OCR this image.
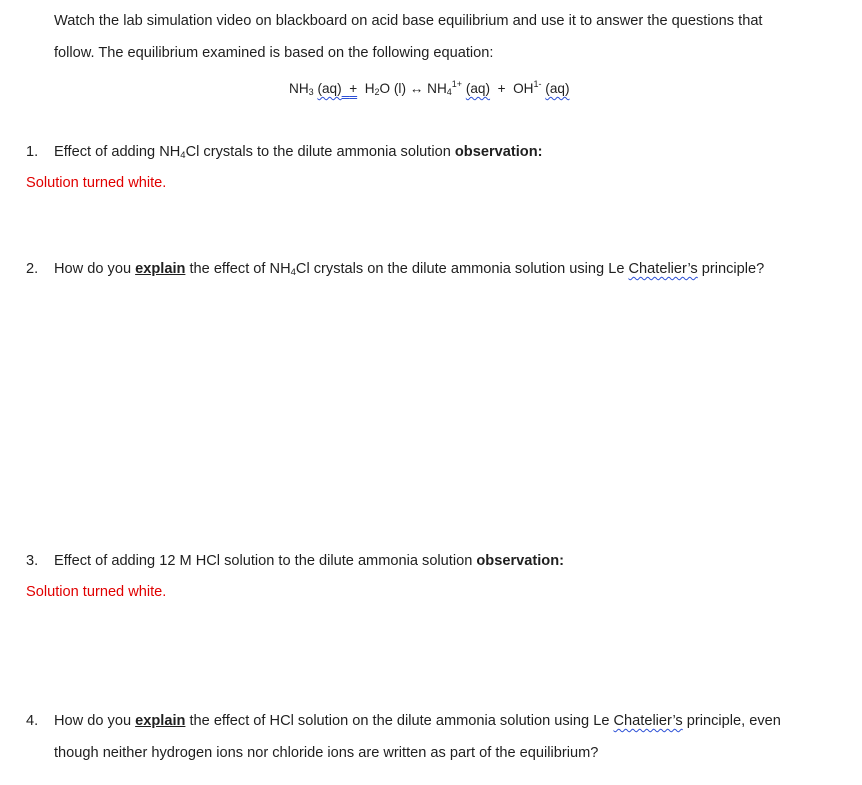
Watch the lab simulation video on blackboard on acid base equilibrium and use it to answer the questions that
follow. The equilibrium examined is based on the following equation:
$NH_3$ $(aq) + H_2O$ (l) ↔ $NH_4^{1+}$ $(aq) + OH^{1-}$ (aq)
1. Effect of adding $NH_4Cl$ crystals to the dilute ammonia solution observation:
Solution turned white.
2. How do you explain the effect of $NH_4Cl$ crystals on the dilute ammonia solution using Le Chatelier’s principle?
3. Effect of adding 12 M HCl solution to the dilute ammonia solution observation:
Solution turned white.
4. How do you explain the effect of HCl solution on the dilute ammonia solution using Le Chatelier’s principle, even
though neither hydrogen ions nor chloride ions are written as part of the equilibrium?
